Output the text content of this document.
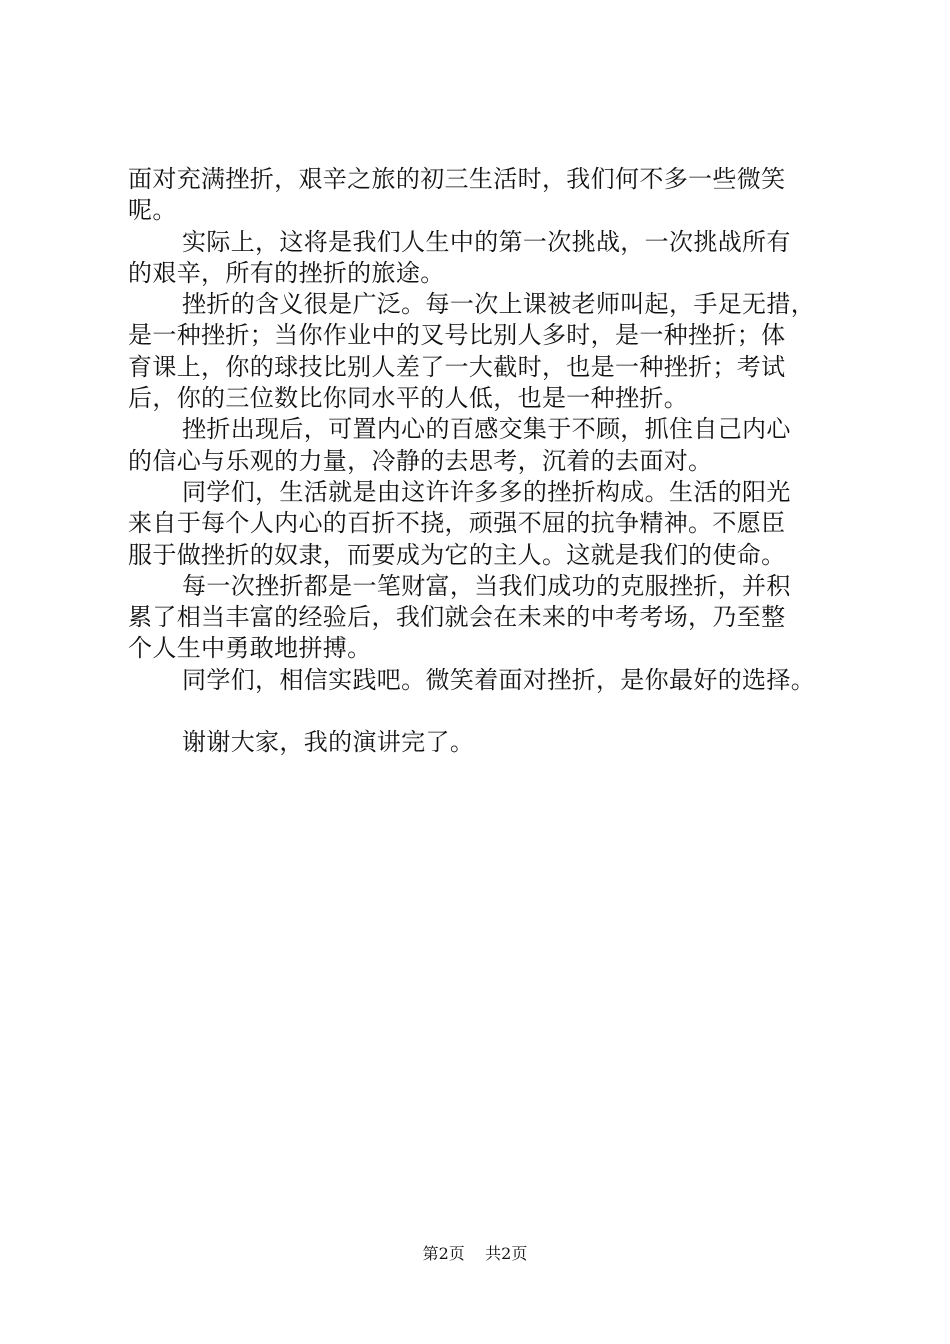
面对充满挫折，艰辛之旅的初三生活时，我们何不多一些微笑
呢。
实际上，这将是我们人生中的第一次挑战，一次挑战所有
的艰辛，所有的挫折的旅途。
挫折的含义很是广泛。每一次上课被老师叫起，手足无措，
是一种挫折；当你作业中的叉号比别人多时，是一种挫折；体
育课上，你的球技比别人差了一大截时，也是一种挫折；考试
后，你的三位数比你同水平的人低，也是一种挫折。
挫折出现后，可置内心的百感交集于不顾，抓住自己内心
的信心与乐观的力量，冷静的去思考，沉着的去面对。
同学们，生活就是由这许许多多的挫折构成。生活的阳光
来自于每个人内心的百折不挠，顽强不屈的抗争精神。不愿臣
服于做挫折的奴隶，而要成为它的主人。这就是我们的使命。
每一次挫折都是一笔财富，当我们成功的克服挫折，并积
累了相当丰富的经验后，我们就会在未来的中考考场，乃至整
个人生中勇敢地拼搏。
同学们，相信实践吧。微笑着面对挫折，是你最好的选择。
谢谢大家，我的演讲完了。
第2页 共2页
